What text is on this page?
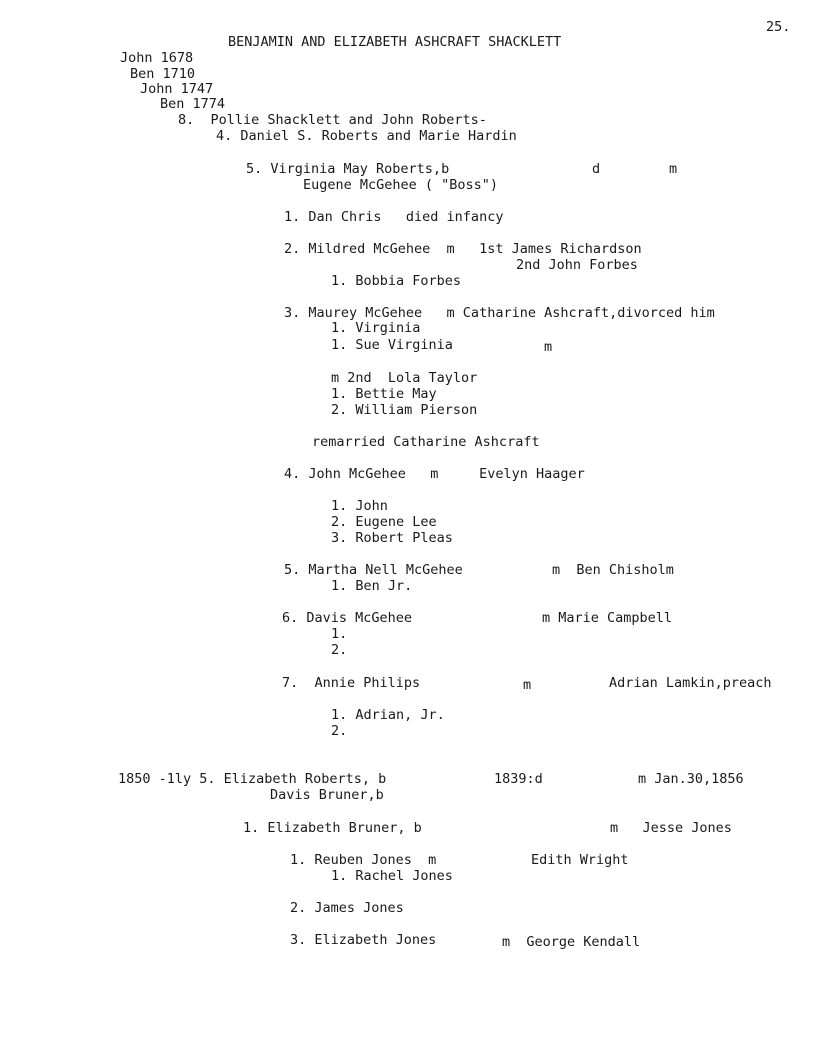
25.
BENJAMIN AND ELIZABETH ASHCRAFT SHACKLETT
John 1678
Ben 1710
John 1747
Ben 1774
8.  Pollie Shacklett and John Roberts-
4. Daniel S. Roberts and Marie Hardin
5. Virginia May Roberts,b	d	m
Eugene McGehee ( "Boss")
1. Dan Chris   died infancy
2. Mildred McGehee  m   1st James Richardson
2nd John Forbes
1. Bobbia Forbes
3. Maurey McGehee   m Catharine Ashcraft,divorced him
1. Virginia
1. Sue Virginia	m
m 2nd  Lola Taylor
1. Bettie May
2. William Pierson
remarried Catharine Ashcraft
4. John McGehee   m     Evelyn Haager
1. John
2. Eugene Lee
3. Robert Pleas
5. Martha Nell McGehee	m  Ben Chisholm
1. Ben Jr.
6. Davis McGehee	m Marie Campbell
1.
2.
7.  Annie Philips	m	Adrian Lamkin,preach
1. Adrian, Jr.
2.
1850 -1ly 5. Elizabeth Roberts, b	1839:d	m Jan.30,1856
Davis Bruner,b
1. Elizabeth Bruner, b	m   Jesse Jones
1. Reuben Jones  m	Edith Wright
1. Rachel Jones
2. James Jones
3. Elizabeth Jones	m  George Kendall
